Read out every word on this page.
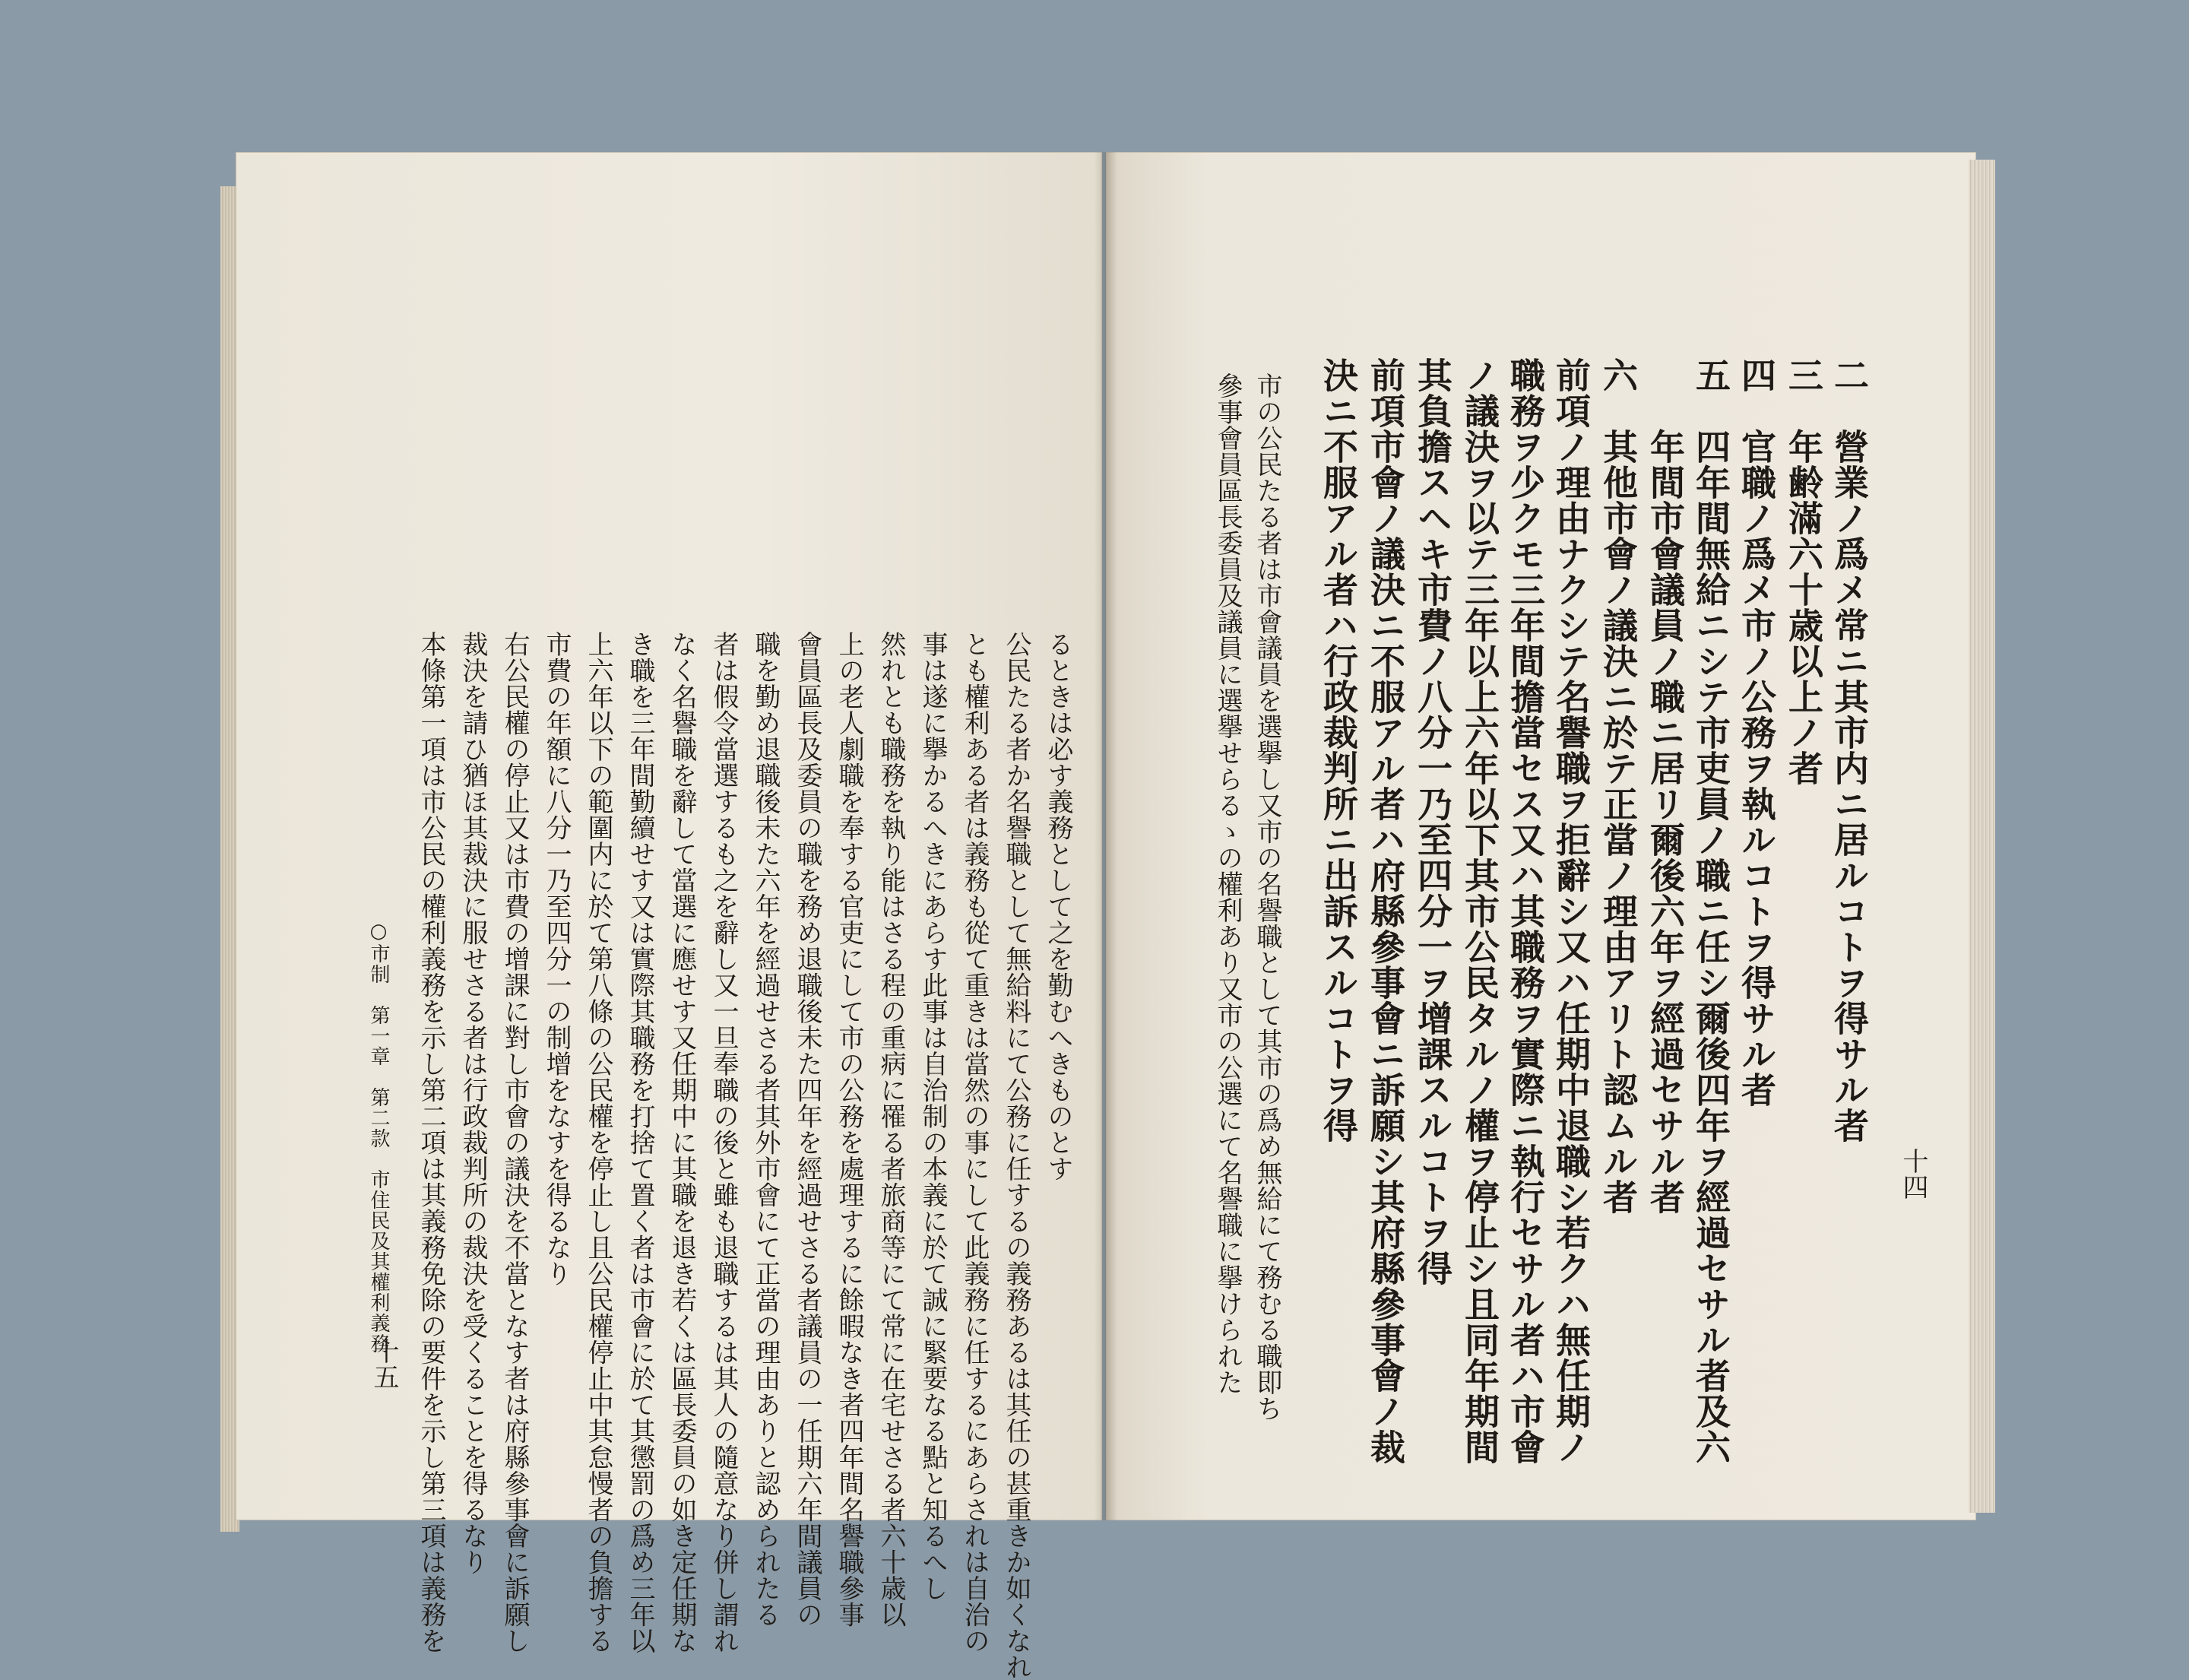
二　營業ノ爲メ常ニ其市内ニ居ルコトヲ得サル者
三　年齢滿六十歳以上ノ者
四　官職ノ爲メ市ノ公務ヲ執ルコトヲ得サル者
五　四年間無給ニシテ市吏員ノ職ニ任シ爾後四年ヲ經過セサル者及六
　　年間市會議員ノ職ニ居リ爾後六年ヲ經過セサル者
六　其他市會ノ議決ニ於テ正當ノ理由アリト認ムル者
前項ノ理由ナクシテ名譽職ヲ拒辭シ又ハ任期中退職シ若クハ無任期ノ
職務ヲ少クモ三年間擔當セス又ハ其職務ヲ實際ニ執行セサル者ハ市會
ノ議決ヲ以テ三年以上六年以下其市公民タルノ權ヲ停止シ且同年期間
其負擔スヘキ市費ノ八分一乃至四分一ヲ增課スルコトヲ得
前項市會ノ議決ニ不服アル者ハ府縣參事會ニ訴願シ其府縣參事會ノ裁
決ニ不服アル者ハ行政裁判所ニ出訴スルコトヲ得
市の公民たる者は市會議員を選擧し又市の名譽職として其市の爲め無給にて務むる職即ち
參事會員區長委員及議員に選擧せらるゝの權利あり又市の公選にて名譽職に擧けられた	十四
るときは必す義務として之を勤むへきものとす
公民たる者か名譽職として無給料にて公務に任するの義務あるは其任の甚重きか如くなれ
とも權利ある者は義務も從て重きは當然の事にして此義務に任するにあらされは自治の
事は遂に擧かるへきにあらす此事は自治制の本義に於て誠に緊要なる點と知るへし
然れとも職務を執り能はさる程の重病に罹る者旅商等にて常に在宅せさる者六十歳以
上の老人劇職を奉する官吏にして市の公務を處理するに餘暇なき者四年間名譽職參事
會員區長及委員の職を務め退職後未た四年を經過せさる者議員の一任期六年間議員の
職を勤め退職後未た六年を經過せさる者其外市會にて正當の理由ありと認められたる
者は假令當選するも之を辭し又一旦奉職の後と雖も退職するは其人の隨意なり併し謂れ
なく名譽職を辭して當選に應せす又任期中に其職を退き若くは區長委員の如き定任期な
き職を三年間勤續せす又は實際其職務を打捨て置く者は市會に於て其懲罰の爲め三年以
上六年以下の範圍内に於て第八條の公民權を停止し且公民權停止中其怠慢者の負擔する
市費の年額に八分一乃至四分一の制增をなすを得るなり
右公民權の停止又は市費の增課に對し市會の議決を不當となす者は府縣參事會に訴願し
裁決を請ひ猶ほ其裁決に服せさる者は行政裁判所の裁決を受くることを得るなり
本條第一項は市公民の權利義務を示し第二項は其義務免除の要件を示し第三項は義務を
○市制　第一章　第二款　市住民及其權利義務
十五
